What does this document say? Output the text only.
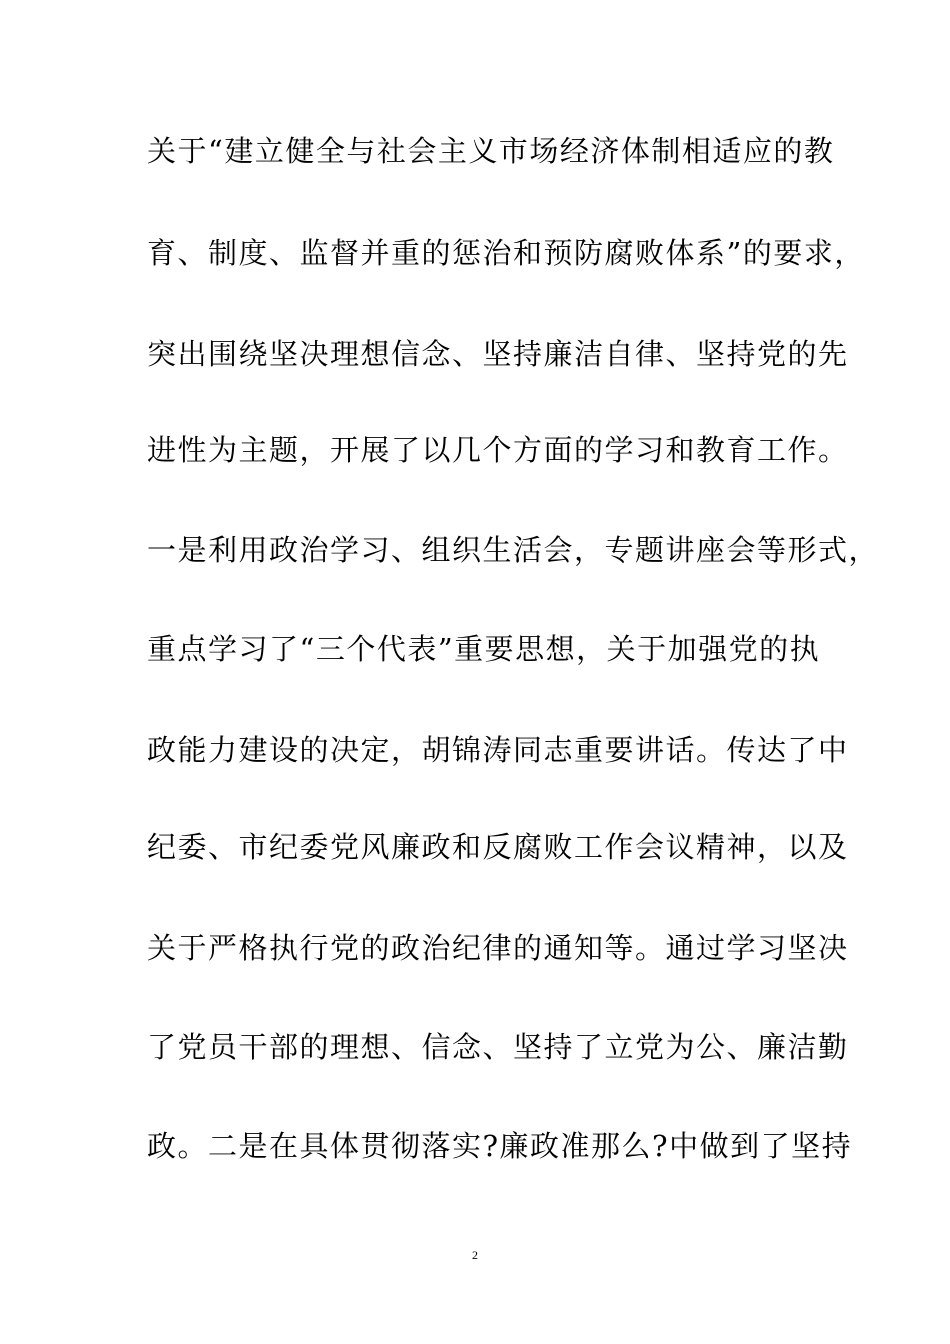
关于“建立健全与社会主义市场经济体制相适应的教
育、制度、监督并重的惩治和预防腐败体系”的要求，
突出围绕坚决理想信念、坚持廉洁自律、坚持党的先
进性为主题，开展了以几个方面的学习和教育工作。
一是利用政治学习、组织生活会，专题讲座会等形式，
重点学习了“三个代表”重要思想，关于加强党的执
政能力建设的决定，胡锦涛同志重要讲话。传达了中
纪委、市纪委党风廉政和反腐败工作会议精神，以及
关于严格执行党的政治纪律的通知等。通过学习坚决
了党员干部的理想、信念、坚持了立党为公、廉洁勤
政。二是在具体贯彻落实?廉政准那么?中做到了坚持
2
